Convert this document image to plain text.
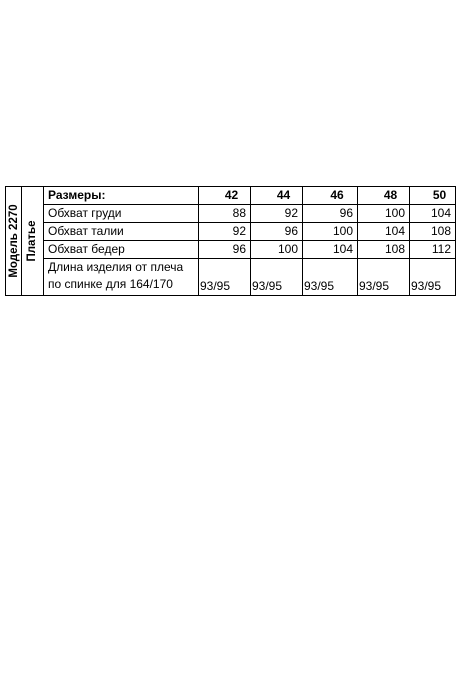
Модель 2270 Платье
Размеры:	42	44	46	48	50
Обхват груди	88	92	96	100	104
Обхват талии	92	96	100	104	108
Обхват бедер	96	100	104	108	112
Длина изделия от плеча по спинке для 164/170	93/95	93/95	93/95	93/95	93/95
